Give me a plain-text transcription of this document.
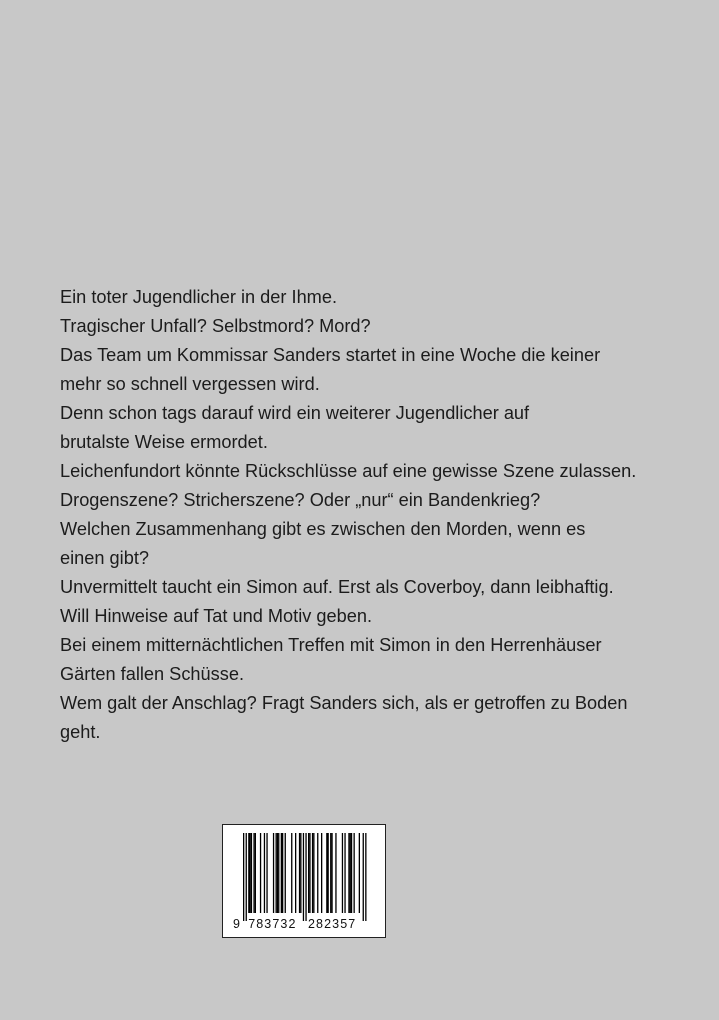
Ein toter Jugendlicher in der Ihme.
Tragischer Unfall? Selbstmord? Mord?
Das Team um Kommissar Sanders startet in eine Woche die keiner
mehr so schnell vergessen wird.
Denn schon tags darauf wird ein weiterer Jugendlicher auf
brutalste Weise ermordet.
Leichenfundort könnte Rückschlüsse auf eine gewisse Szene zulassen.
Drogenszene? Stricherszene? Oder „nur“ ein Bandenkrieg?
Welchen Zusammenhang gibt es zwischen den Morden, wenn es
einen gibt?
Unvermittelt taucht ein Simon auf. Erst als Coverboy, dann leibhaftig.
Will Hinweise auf Tat und Motiv geben.
Bei einem mitternächtlichen Treffen mit Simon in den Herrenhäuser
Gärten fallen Schüsse.
Wem galt der Anschlag? Fragt Sanders sich, als er getroffen zu Boden
geht.
9 783732 282357
